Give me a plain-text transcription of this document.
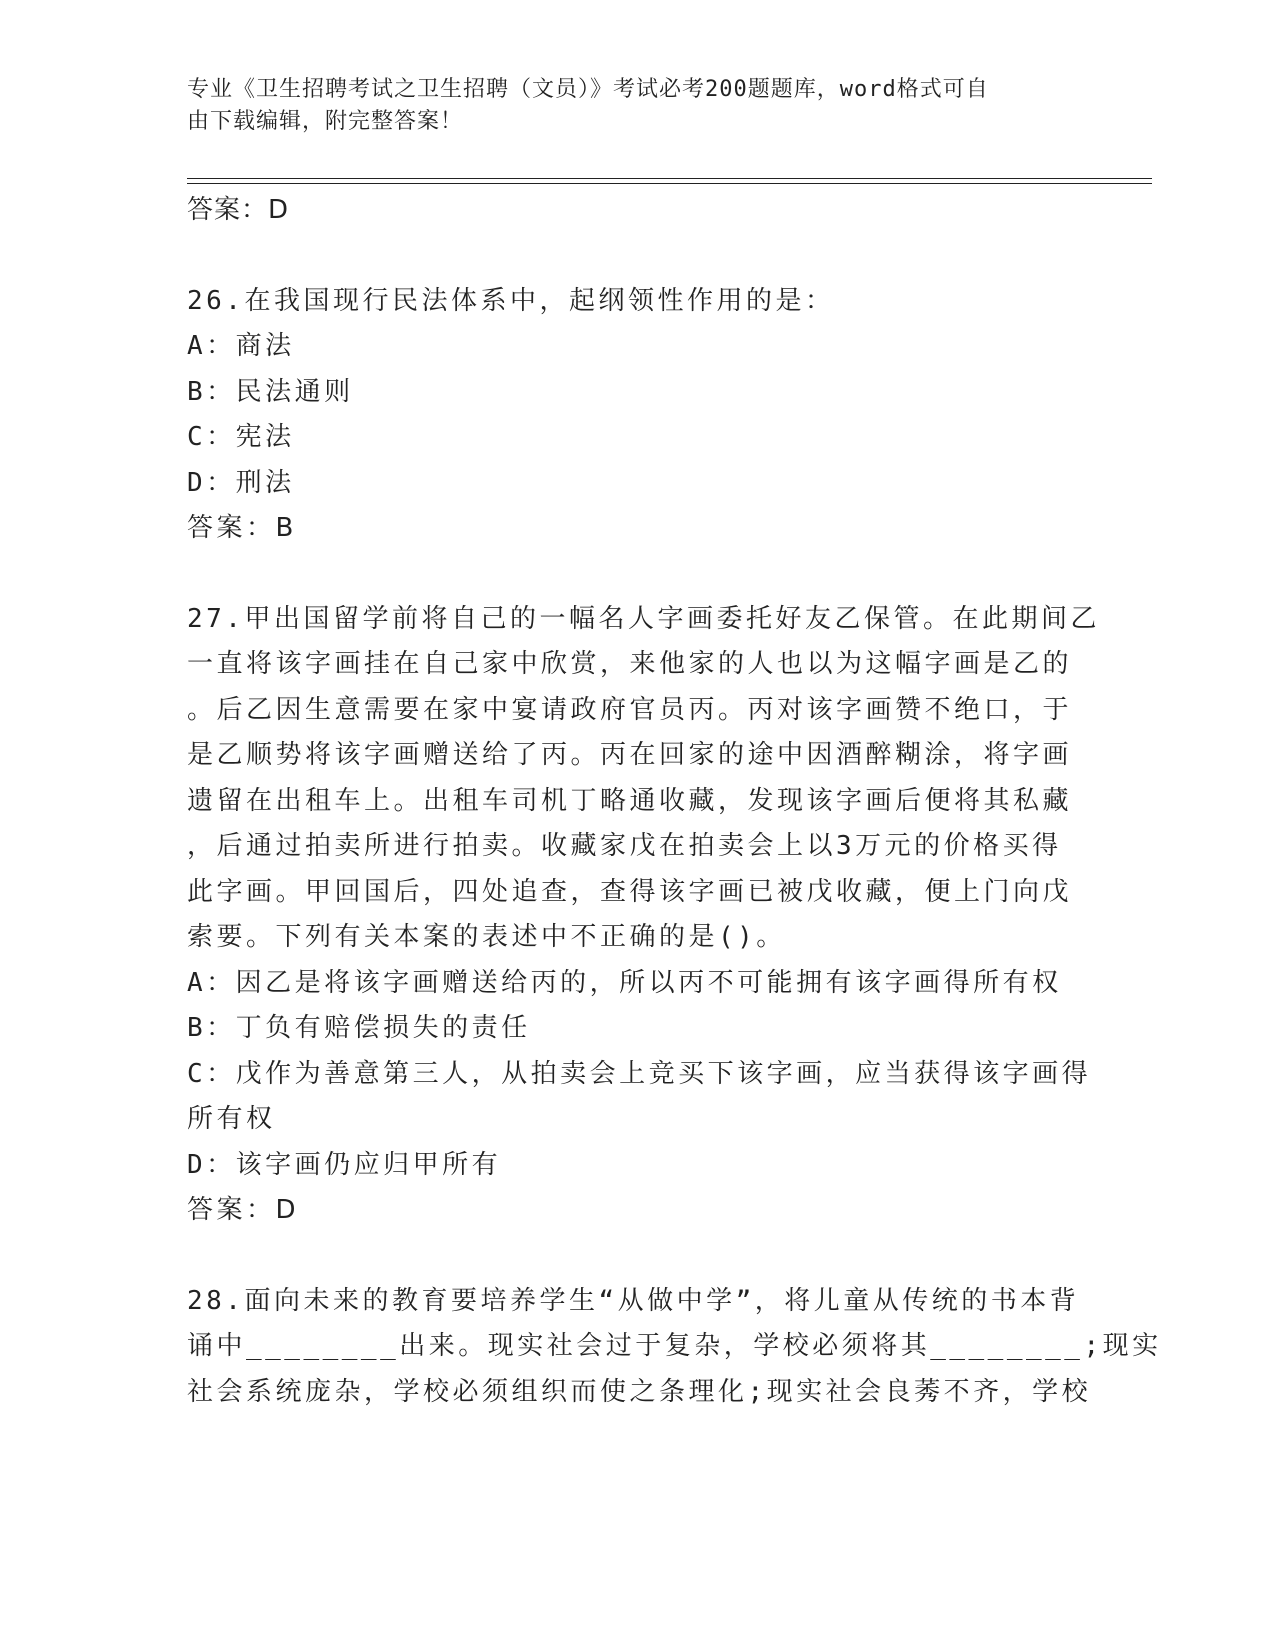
专业《卫生招聘考试之卫生招聘（文员）》考试必考200题题库，word格式可自
由下载编辑，附完整答案！
答案：D
26.在我国现行民法体系中，起纲领性作用的是：
A：商法
B：民法通则
C：宪法
D：刑法
答案：B
27.甲出国留学前将自己的一幅名人字画委托好友乙保管。在此期间乙
一直将该字画挂在自己家中欣赏，来他家的人也以为这幅字画是乙的
。后乙因生意需要在家中宴请政府官员丙。丙对该字画赞不绝口，于
是乙顺势将该字画赠送给了丙。丙在回家的途中因酒醉糊涂，将字画
遗留在出租车上。出租车司机丁略通收藏，发现该字画后便将其私藏
，后通过拍卖所进行拍卖。收藏家戊在拍卖会上以3万元的价格买得
此字画。甲回国后，四处追查，查得该字画已被戊收藏，便上门向戊
索要。下列有关本案的表述中不正确的是()。
A：因乙是将该字画赠送给丙的，所以丙不可能拥有该字画得所有权
B：丁负有赔偿损失的责任
C：戊作为善意第三人，从拍卖会上竞买下该字画，应当获得该字画得
所有权
D：该字画仍应归甲所有
答案：D
28.面向未来的教育要培养学生“从做中学”，将儿童从传统的书本背
诵中________出来。现实社会过于复杂，学校必须将其________;现实
社会系统庞杂，学校必须组织而使之条理化;现实社会良莠不齐，学校
